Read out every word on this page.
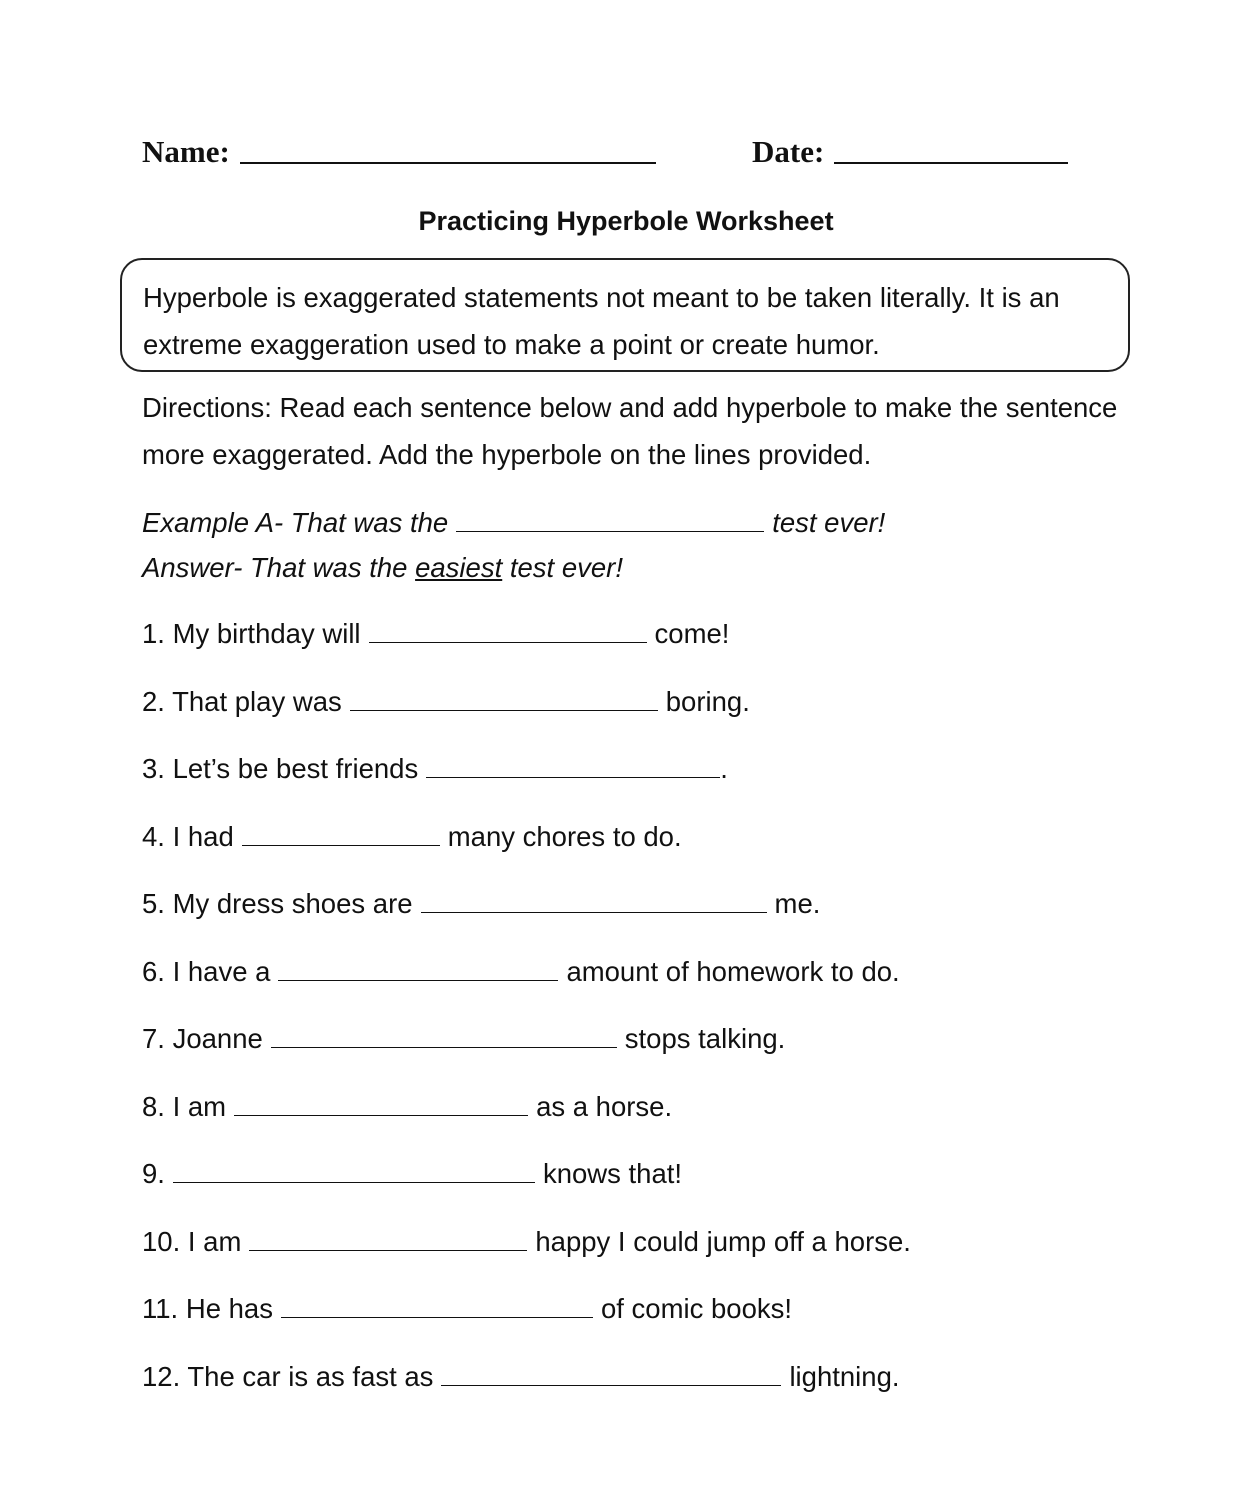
Name:	Date:
Practicing Hyperbole Worksheet
Hyperbole is exaggerated statements not meant to be taken literally. It is an extreme exaggeration used to make a point or create humor.
Directions: Read each sentence below and add hyperbole to make the sentence more exaggerated. Add the hyperbole on the lines provided.
Example A- That was the	test ever!
Answer- That was the easiest test ever!
1. My birthday will	come!
2. That play was	boring.
3. Let’s be best friends	.
4. I had	many chores to do.
5. My dress shoes are	me.
6. I have a	amount of homework to do.
7. Joanne	stops talking.
8. I am	as a horse.
9.	knows that!
10. I am	happy I could jump off a horse.
11. He has	of comic books!
12. The car is as fast as	lightning.
